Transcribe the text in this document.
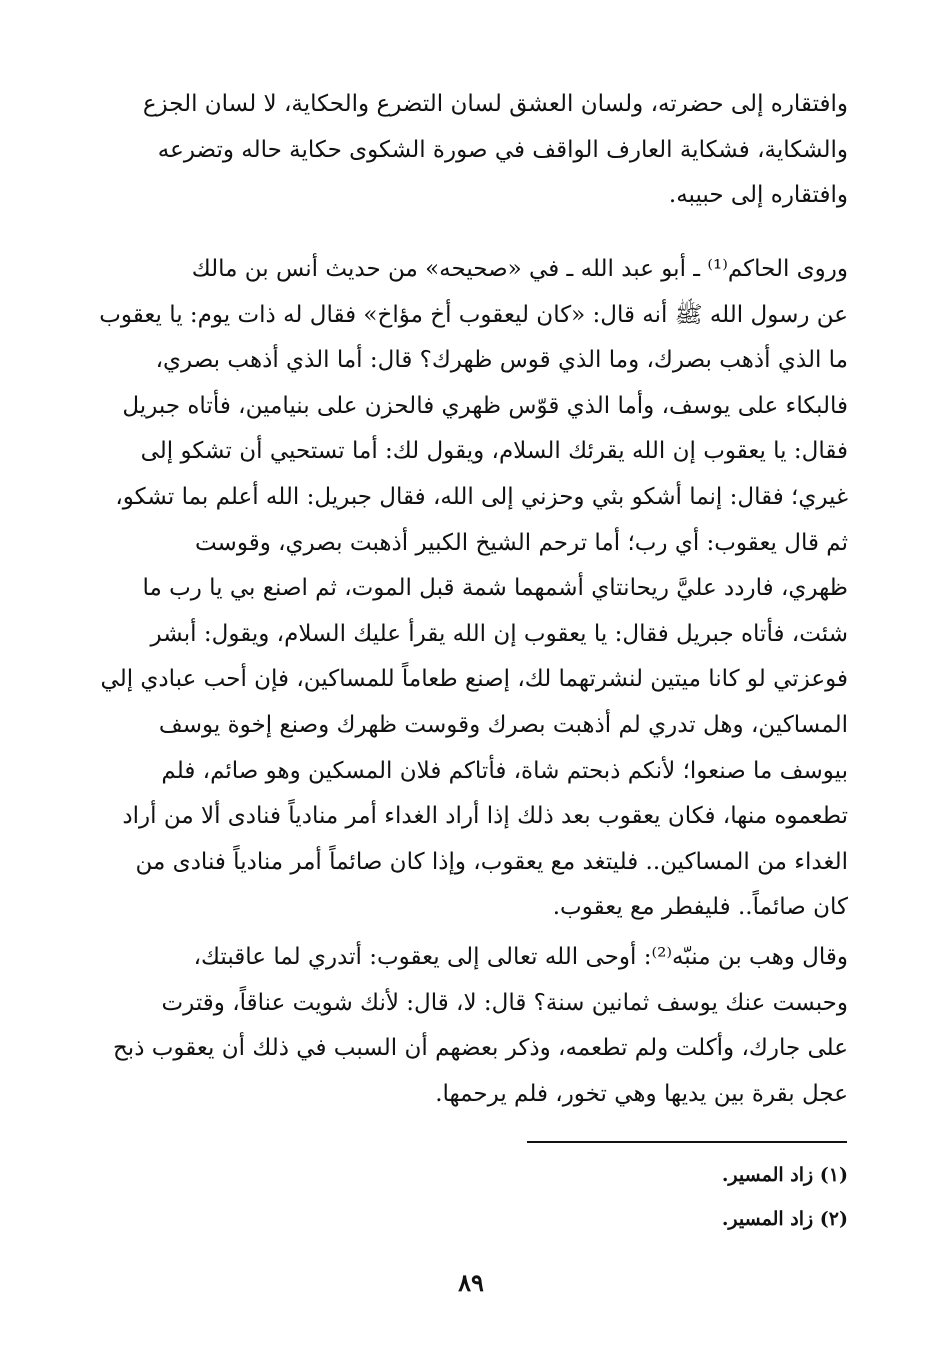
وافتقاره إلى حضرته، ولسان العشق لسان التضرع والحكاية، لا لسان الجزع
والشكاية، فشكاية العارف الواقف في صورة الشكوى حكاية حاله وتضرعه
وافتقاره إلى حبيبه.
وروى الحاكم⁽¹⁾ ـ أبو عبد الله ـ في «صحيحه» من حديث أنس بن مالك
عن رسول الله ﷺ أنه قال: «كان ليعقوب أخ مؤاخ» فقال له ذات يوم: يا يعقوب
ما الذي أذهب بصرك، وما الذي قوس ظهرك؟ قال: أما الذي أذهب بصري،
فالبكاء على يوسف، وأما الذي قوّس ظهري فالحزن على بنيامين، فأتاه جبريل
فقال: يا يعقوب إن الله يقرئك السلام، ويقول لك: أما تستحيي أن تشكو إلى
غيري؛ فقال: إنما أشكو بثي وحزني إلى الله، فقال جبريل: الله أعلم بما تشكو،
ثم قال يعقوب: أي رب؛ أما ترحم الشيخ الكبير أذهبت بصري، وقوست
ظهري، فاردد عليَّ ريحانتاي أشمهما شمة قبل الموت، ثم اصنع بي يا رب ما
شئت، فأتاه جبريل فقال: يا يعقوب إن الله يقرأ عليك السلام، ويقول: أبشر
فوعزتي لو كانا ميتين لنشرتهما لك، إصنع طعاماً للمساكين، فإن أحب عبادي إلي
المساكين، وهل تدري لم أذهبت بصرك وقوست ظهرك وصنع إخوة يوسف
بيوسف ما صنعوا؛ لأنكم ذبحتم شاة، فأتاكم فلان المسكين وهو صائم، فلم
تطعموه منها، فكان يعقوب بعد ذلك إذا أراد الغداء أمر منادياً فنادى ألا من أراد
الغداء من المساكين.. فليتغد مع يعقوب، وإذا كان صائماً أمر منادياً فنادى من
كان صائماً.. فليفطر مع يعقوب.
وقال وهب بن منبّه⁽²⁾: أوحى الله تعالى إلى يعقوب: أتدري لما عاقبتك،
وحبست عنك يوسف ثمانين سنة؟ قال: لا، قال: لأنك شويت عناقاً، وقترت
على جارك، وأكلت ولم تطعمه، وذكر بعضهم أن السبب في ذلك أن يعقوب ذبح
عجل بقرة بين يديها وهي تخور، فلم يرحمها.
(١) زاد المسير.
(٢) زاد المسير.
٨٩
